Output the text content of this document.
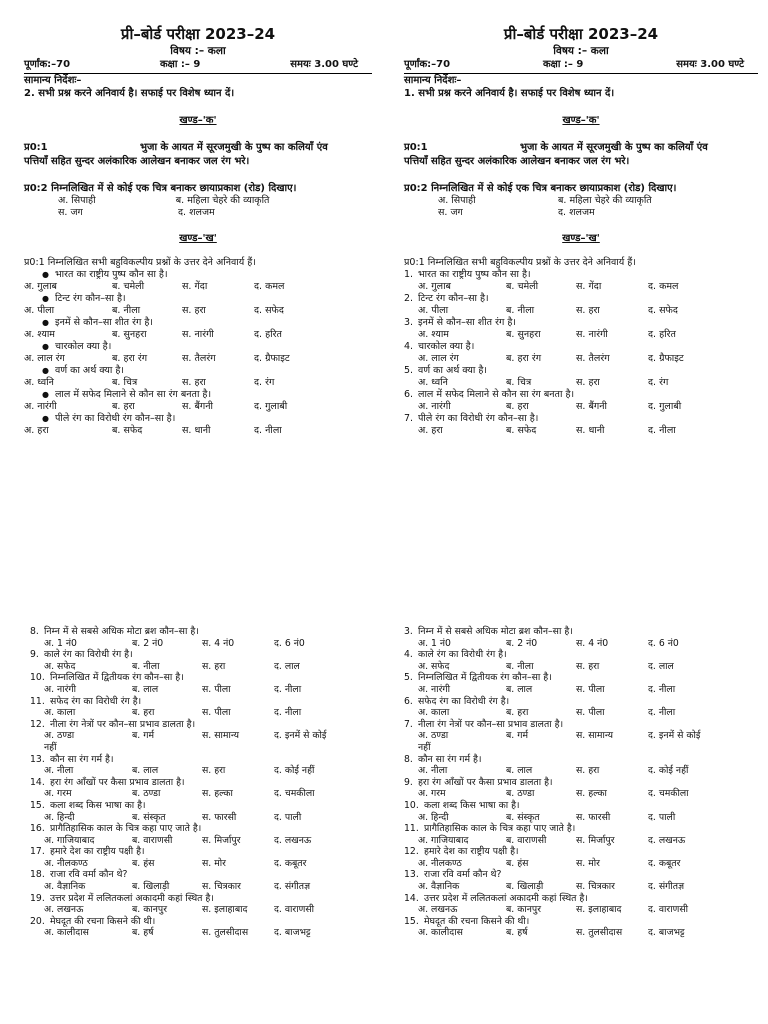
प्री–बोर्ड परीक्षा 2023–24
विषय :– कला
पूर्णांक:–70	कक्षा :– 9	समयः 3.00 घण्टे
सामान्य निर्देशः–
2. सभी प्रश्न करने अनिवार्य है। सफाई पर विशेष ध्यान दें।
खण्ड–'क'
प्र0:1	भुजा के आयत में सूरजमुखी के पुष्प का कलियाँ एंव
पत्तियाँ सहित सुन्दर अलंकारिक आलेखन बनाकर जल रंग भरे।
प्र0:2 निम्नलिखित में से कोई एक चित्र बनाकर छायाप्रकाश (रोड) दिखाए।
अ. सिपाही	ब. महिला चेहरे की व्याकृति
स. जग	द. शलजम
खण्ड–'ख'
प्र0:1 निम्नलिखित सभी बहुविकल्पीय प्रश्नों के उत्तर देने अनिवार्य हैं।
● भारत का राष्ट्रीय पुष्प कौन सा है।
अ. गुलाब	ब. चमेली	स. गेंदा	द. कमल
● टिन्ट रंग कौन–सा है।
अ. पीला	ब. नीला	स. हरा	द. सफेद
● इनमें से कौन–सा शीत रंग है।
अ. श्याम	ब. सुनहरा	स. नारंगी	द. हरित
● चारकोल क्या है।
अ. लाल रंग	ब. हरा रंग	स. तैलरंग	द. ग्रैफाइट
● वर्ण का अर्थ क्या है।
अ. ध्वनि	ब. चित्र	स. हरा	द. रंग
● लाल में सफेद मिलाने से कौन सा रंग बनता है।
अ. नारंगी	ब. हरा	स. बैंगनी	द. गुलाबी
● पीले रंग का विरोधी रंग कौन–सा है।
अ. हरा	ब. सफेद	स. धानी	द. नीला
8. निम्न में से सबसे अधिक मोटा ब्रश कौन–सा है।
अ. 1 नं0	ब. 2 नं0	स. 4 नं0	द. 6 नं0
9. काले रंग का विरोधी रंग है।
अ. सफेद	ब. नीला	स. हरा	द. लाल
10. निम्नलिखित में द्वितीयक रंग कौन–सा है।
अ. नारंगी	ब. लाल	स. पीला	द. नीला
11. सफेद रंग का विरोधी रंग है।
अ. काला	ब. हरा	स. पीला	द. नीला
12. नीला रंग नेत्रों पर कौन–सा प्रभाव डालता है।
अ. ठण्डा	ब. गर्म	स. सामान्य	द. इनमें से कोई
नहीं
13. कौन सा रंग गर्म है।
अ. नीला	ब. लाल	स. हरा	द. कोई नहीं
14. हरा रंग आँखों पर कैसा प्रभाव डालता है।
अ. गरम	ब. ठण्डा	स. हल्का	द. चमकीला
15. कला शब्द किस भाषा का है।
अ. हिन्दी	ब. संस्कृत	स. फारसी	द. पाली
16. प्रागैतिहासिक काल के चित्र कहा पाए जाते है।
अ. गाजियाबाद	ब. वाराणसी	स. मिर्जापुर	द. लखनऊ
17. हमारे देश का राष्ट्रीय पक्षी है।
अ. नीलकण्ठ	ब. हंस	स. मोर	द. कबूतर
18. राजा रवि वर्मा कौन थे?
अ. वैज्ञानिक	ब. खिलाड़ी	स. चित्रकार	द. संगीतज्ञ
19. उत्तर प्रदेश में ललितकलां अकादमी कहां स्थित है।
अ. लखनऊ	ब. कानपुर	स. इलाहाबाद	द. वाराणसी
20. मेघदूत की रचना किसने की थी।
अ. कालीदास	ब. हर्ष	स. तुलसीदास	द. बाजभट्ट
प्री–बोर्ड परीक्षा 2023–24
विषय :– कला
पूर्णांक:–70	कक्षा :– 9	समयः 3.00 घण्टे
सामान्य निर्देशः–
1. सभी प्रश्न करने अनिवार्य है। सफाई पर विशेष ध्यान दें।
खण्ड–'क'
प्र0:1	भुजा के आयत में सूरजमुखी के पुष्प का कलियाँ एंव
पत्तियाँ सहित सुन्दर अलंकारिक आलेखन बनाकर जल रंग भरे।
प्र0:2 निम्नलिखित में से कोई एक चित्र बनाकर छायाप्रकाश (रोड) दिखाए।
अ. सिपाही	ब. महिला चेहरे की व्याकृति
स. जग	द. शलजम
खण्ड–'ख'
प्र0:1 निम्नलिखित सभी बहुविकल्पीय प्रश्नों के उत्तर देने अनिवार्य हैं।
1. भारत का राष्ट्रीय पुष्प कौन सा है।
अ. गुलाब	ब. चमेली	स. गेंदा	द. कमल
2. टिन्ट रंग कौन–सा है।
अ. पीला	ब. नीला	स. हरा	द. सफेद
3. इनमें से कौन–सा शीत रंग है।
अ. श्याम	ब. सुनहरा	स. नारंगी	द. हरित
4. चारकोल क्या है।
अ. लाल रंग	ब. हरा रंग	स. तैलरंग	द. ग्रैफाइट
5. वर्ण का अर्थ क्या है।
अ. ध्वनि	ब. चित्र	स. हरा	द. रंग
6. लाल में सफेद मिलाने से कौन सा रंग बनता है।
अ. नारंगी	ब. हरा	स. बैंगनी	द. गुलाबी
7. पीले रंग का विरोधी रंग कौन–सा है।
अ. हरा	ब. सफेद	स. धानी	द. नीला
3. निम्न में से सबसे अधिक मोटा ब्रश कौन–सा है।
अ. 1 नं0	ब. 2 नं0	स. 4 नं0	द. 6 नं0
4. काले रंग का विरोधी रंग है।
अ. सफेद	ब. नीला	स. हरा	द. लाल
5. निम्नलिखित में द्वितीयक रंग कौन–सा है।
अ. नारंगी	ब. लाल	स. पीला	द. नीला
6. सफेद रंग का विरोधी रंग है।
अ. काला	ब. हरा	स. पीला	द. नीला
7. नीला रंग नेत्रों पर कौन–सा प्रभाव डालता है।
अ. ठण्डा	ब. गर्म	स. सामान्य	द. इनमें से कोई
नहीं
8. कौन सा रंग गर्म है।
अ. नीला	ब. लाल	स. हरा	द. कोई नहीं
9. हरा रंग आँखों पर कैसा प्रभाव डालता है।
अ. गरम	ब. ठण्डा	स. हल्का	द. चमकीला
10. कला शब्द किस भाषा का है।
अ. हिन्दी	ब. संस्कृत	स. फारसी	द. पाली
11. प्रागैतिहासिक काल के चित्र कहा पाए जाते है।
अ. गाजियाबाद	ब. वाराणसी	स. मिर्जापुर	द. लखनऊ
12. हमारे देश का राष्ट्रीय पक्षी है।
अ. नीलकण्ठ	ब. हंस	स. मोर	द. कबूतर
13. राजा रवि वर्मा कौन थे?
अ. वैज्ञानिक	ब. खिलाड़ी	स. चित्रकार	द. संगीतज्ञ
14. उत्तर प्रदेश में ललितकलां अकादमी कहां स्थित है।
अ. लखनऊ	ब. कानपुर	स. इलाहाबाद	द. वाराणसी
15. मेघदूत की रचना किसने की थी।
अ. कालीदास	ब. हर्ष	स. तुलसीदास	द. बाजभट्ट
